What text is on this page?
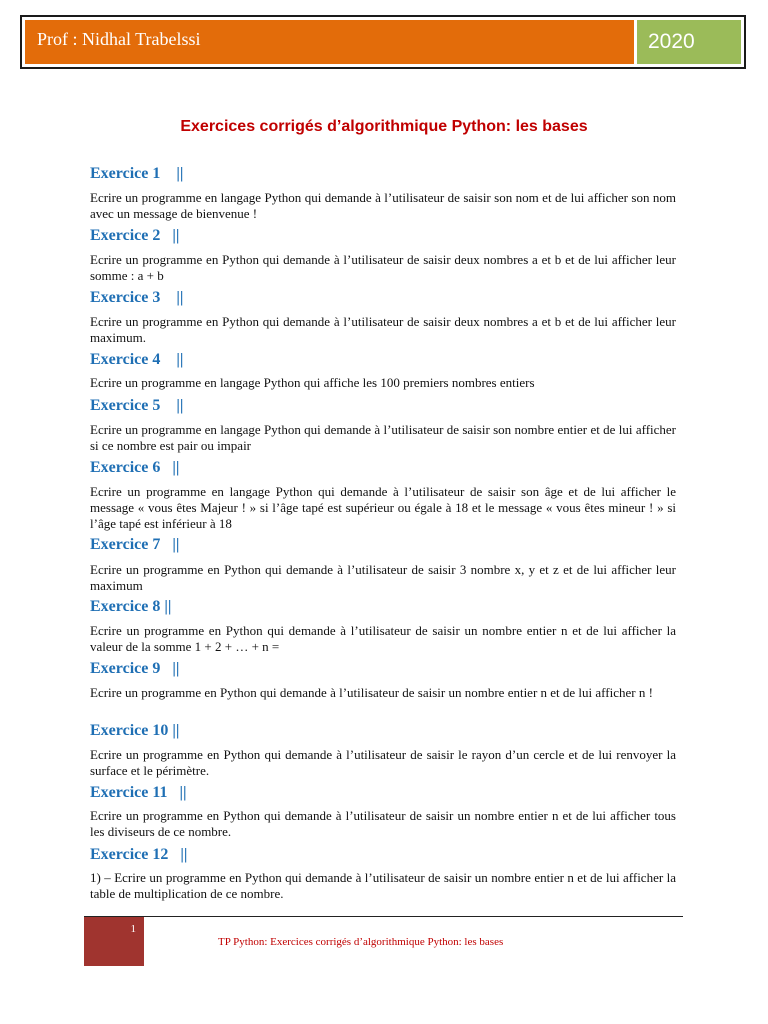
Prof : Nidhal Trabelssi	2020
Exercices corrigés d’algorithmique Python: les bases
Exercice 1    ||
Ecrire un programme en langage Python qui demande à l’utilisateur de saisir son nom et de lui afficher son nom avec un message de bienvenue !
Exercice 2   ||
Ecrire un programme en Python qui demande à l’utilisateur de saisir deux nombres a et b et de lui afficher leur somme : a + b
Exercice 3    ||
Ecrire un programme en Python qui demande à l’utilisateur de saisir deux nombres a et b et de lui afficher leur maximum.
Exercice 4    ||
Ecrire un programme en langage Python qui affiche les 100 premiers nombres entiers
Exercice 5    ||
Ecrire un programme en langage Python qui demande à l’utilisateur de saisir son nombre entier et de lui afficher si ce nombre est pair ou impair
Exercice 6   ||
Ecrire un programme en langage Python qui demande à l’utilisateur de saisir son âge et de lui afficher le message « vous êtes Majeur ! » si l’âge tapé est supérieur ou égale à 18 et le message « vous êtes mineur ! » si l’âge tapé est inférieur à 18
Exercice 7   ||
Ecrire un programme en Python qui demande à l’utilisateur de saisir 3 nombre x, y et z et de lui afficher leur maximum
Exercice 8 ||
Ecrire un programme en Python qui demande à l’utilisateur de saisir un nombre entier n et de lui afficher la valeur de la somme 1 + 2 + … + n =
Exercice 9   ||
Ecrire un programme en Python qui demande à l’utilisateur de saisir un nombre entier n et de lui afficher n !
Exercice 10 ||
Ecrire un programme en Python qui demande à l’utilisateur de saisir le rayon d’un cercle et de lui renvoyer la surface et le périmètre.
Exercice 11   ||
Ecrire un programme en Python qui demande à l’utilisateur de saisir un nombre entier n et de lui afficher tous les diviseurs de ce nombre.
Exercice 12   ||
1) – Ecrire un programme en Python qui demande à l’utilisateur de saisir un nombre entier n et de lui afficher la table de multiplication de ce nombre.
1
TP Python: Exercices corrigés d’algorithmique Python: les bases
